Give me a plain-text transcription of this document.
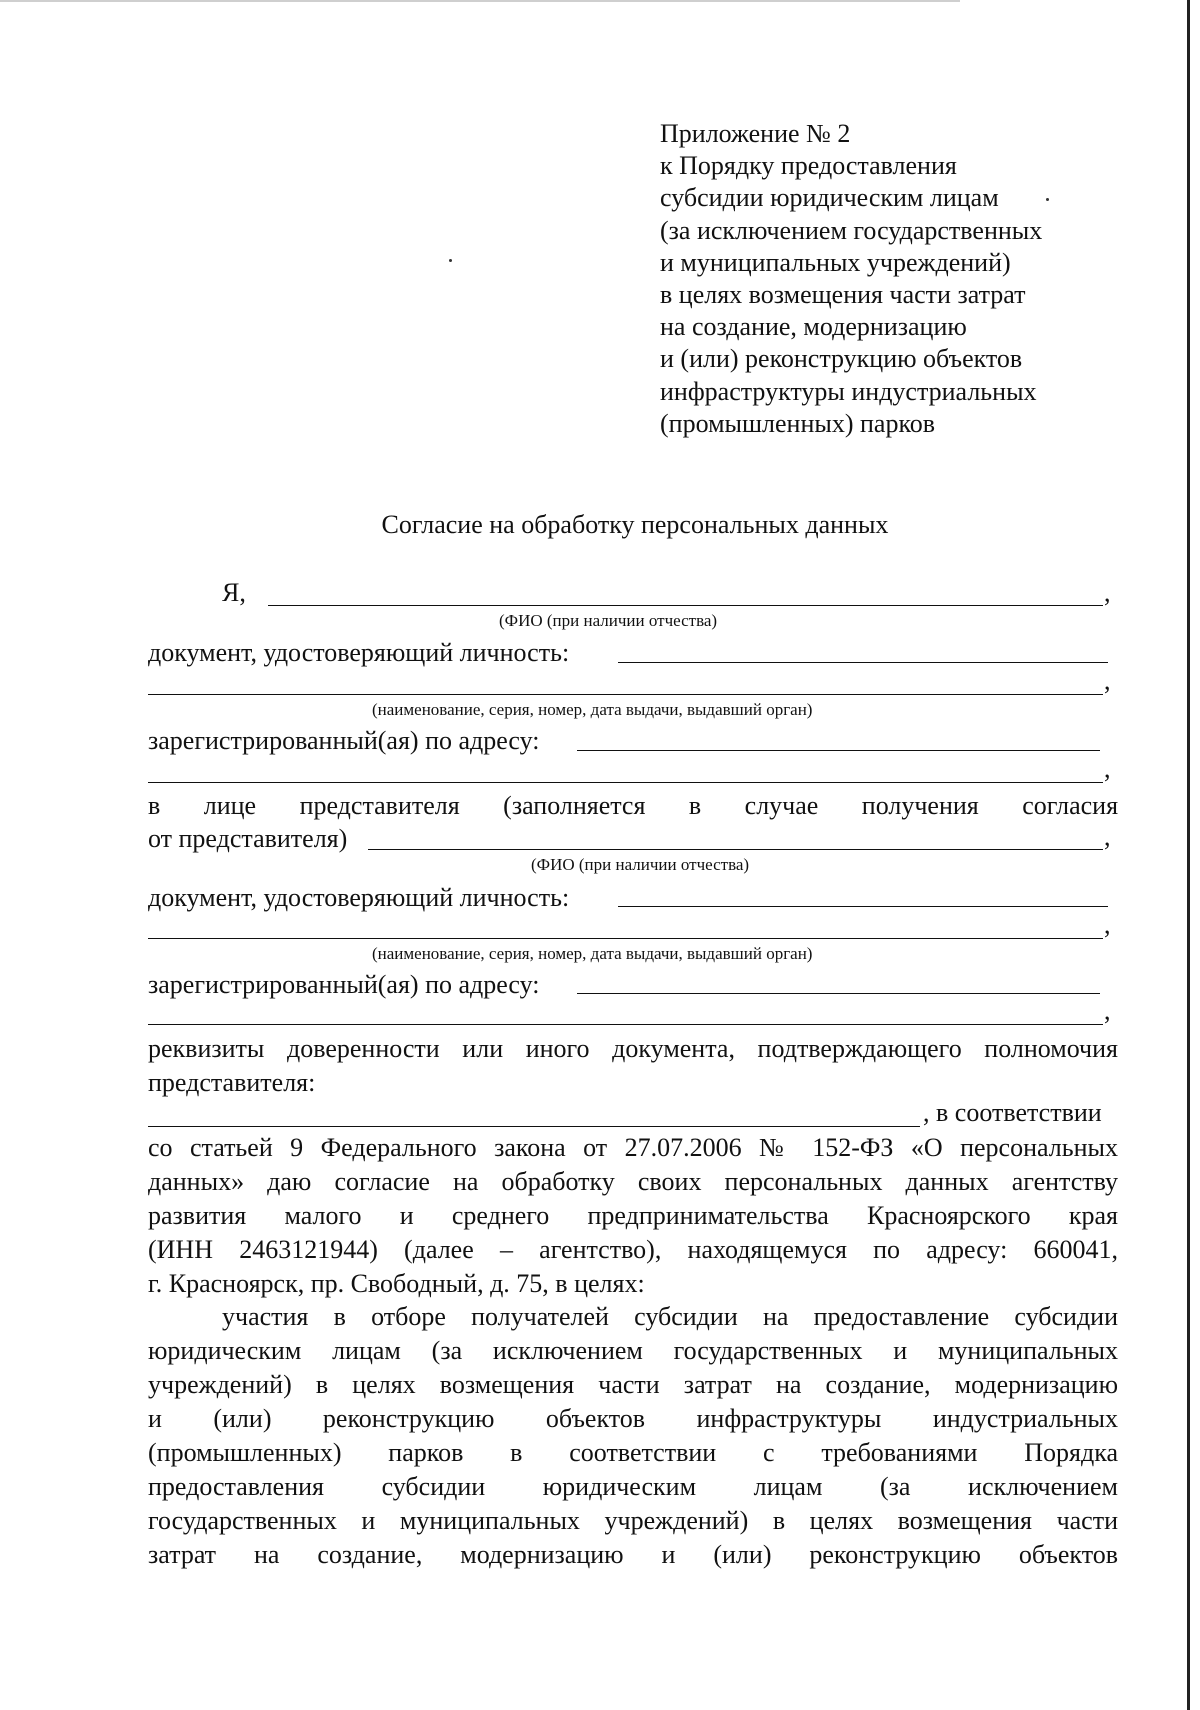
Приложение № 2
к Порядку предоставления
субсидии юридическим лицам
(за исключением государственных
и муниципальных учреждений)
в целях возмещения части затрат
на создание, модернизацию
и (или) реконструкцию объектов
инфраструктуры индустриальных
(промышленных) парков
Согласие на обработку персональных данных
Я,	,
(ФИО (при наличии отчества)
документ, удостоверяющий личность:
,
(наименование, серия, номер, дата выдачи, выдавший орган)
зарегистрированный(ая) по адресу:
,
в лице представителя (заполняется в случае получения согласия
от представителя)	,
(ФИО (при наличии отчества)
документ, удостоверяющий личность:
,
(наименование, серия, номер, дата выдачи, выдавший орган)
зарегистрированный(ая) по адресу:
,
реквизиты доверенности или иного документа, подтверждающего полномочия
представителя:
, в соответствии
со статьей 9 Федерального закона от 27.07.2006 № 152-ФЗ «О персональных
данных» даю согласие на обработку своих персональных данных агентству
развития малого и среднего предпринимательства Красноярского края
(ИНН 2463121944) (далее – агентство), находящемуся по адресу: 660041,
г. Красноярск, пр. Свободный, д. 75, в целях:
участия в отборе получателей субсидии на предоставление субсидии
юридическим лицам (за исключением государственных и муниципальных
учреждений) в целях возмещения части затрат на создание, модернизацию
и (или) реконструкцию объектов инфраструктуры индустриальных
(промышленных) парков в соответствии с требованиями Порядка
предоставления субсидии юридическим лицам (за исключением
государственных и муниципальных учреждений) в целях возмещения части
затрат на создание, модернизацию и (или) реконструкцию объектов
